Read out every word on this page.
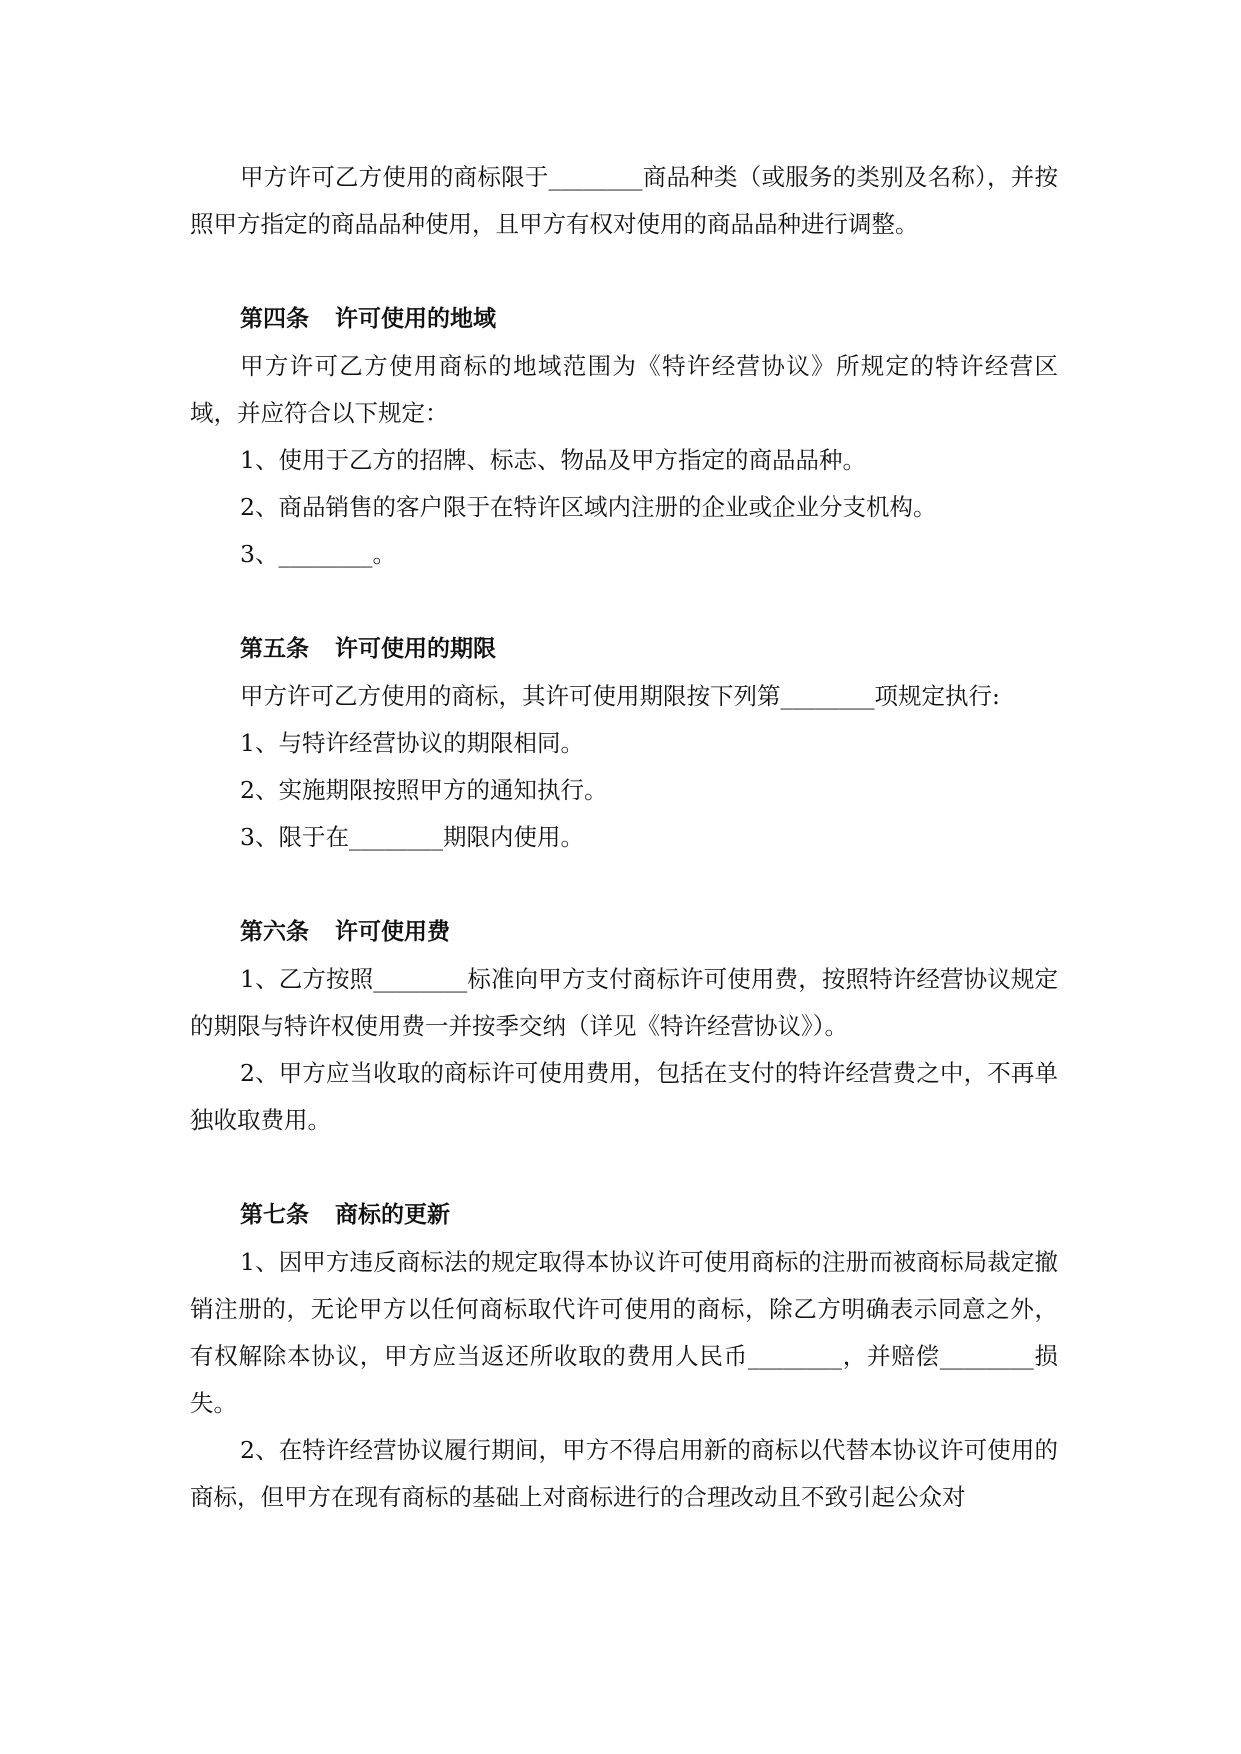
甲方许可乙方使用的商标限于________商品种类（或服务的类别及名称），并按照甲方指定的商品品种使用，且甲方有权对使用的商品品种进行调整。

第四条 许可使用的地域

甲方许可乙方使用商标的地域范围为《特许经营协议》所规定的特许经营区域，并应符合以下规定：

1、使用于乙方的招牌、标志、物品及甲方指定的商品品种。

2、商品销售的客户限于在特许区域内注册的企业或企业分支机构。

3、________。

第五条 许可使用的期限

甲方许可乙方使用的商标，其许可使用期限按下列第________项规定执行:

1、与特许经营协议的期限相同。

2、实施期限按照甲方的通知执行。

3、限于在________期限内使用。

第六条 许可使用费

1、乙方按照________标准向甲方支付商标许可使用费，按照特许经营协议规定的期限与特许权使用费一并按季交纳（详见《特许经营协议》）。

2、甲方应当收取的商标许可使用费用，包括在支付的特许经营费之中，不再单独收取费用。

第七条 商标的更新

1、因甲方违反商标法的规定取得本协议许可使用商标的注册而被商标局裁定撤销注册的，无论甲方以任何商标取代许可使用的商标，除乙方明确表示同意之外，有权解除本协议，甲方应当返还所收取的费用人民币________，并赔偿________损失。

2、在特许经营协议履行期间，甲方不得启用新的商标以代替本协议许可使用的商标，但甲方在现有商标的基础上对商标进行的合理改动且不致引起公众对
